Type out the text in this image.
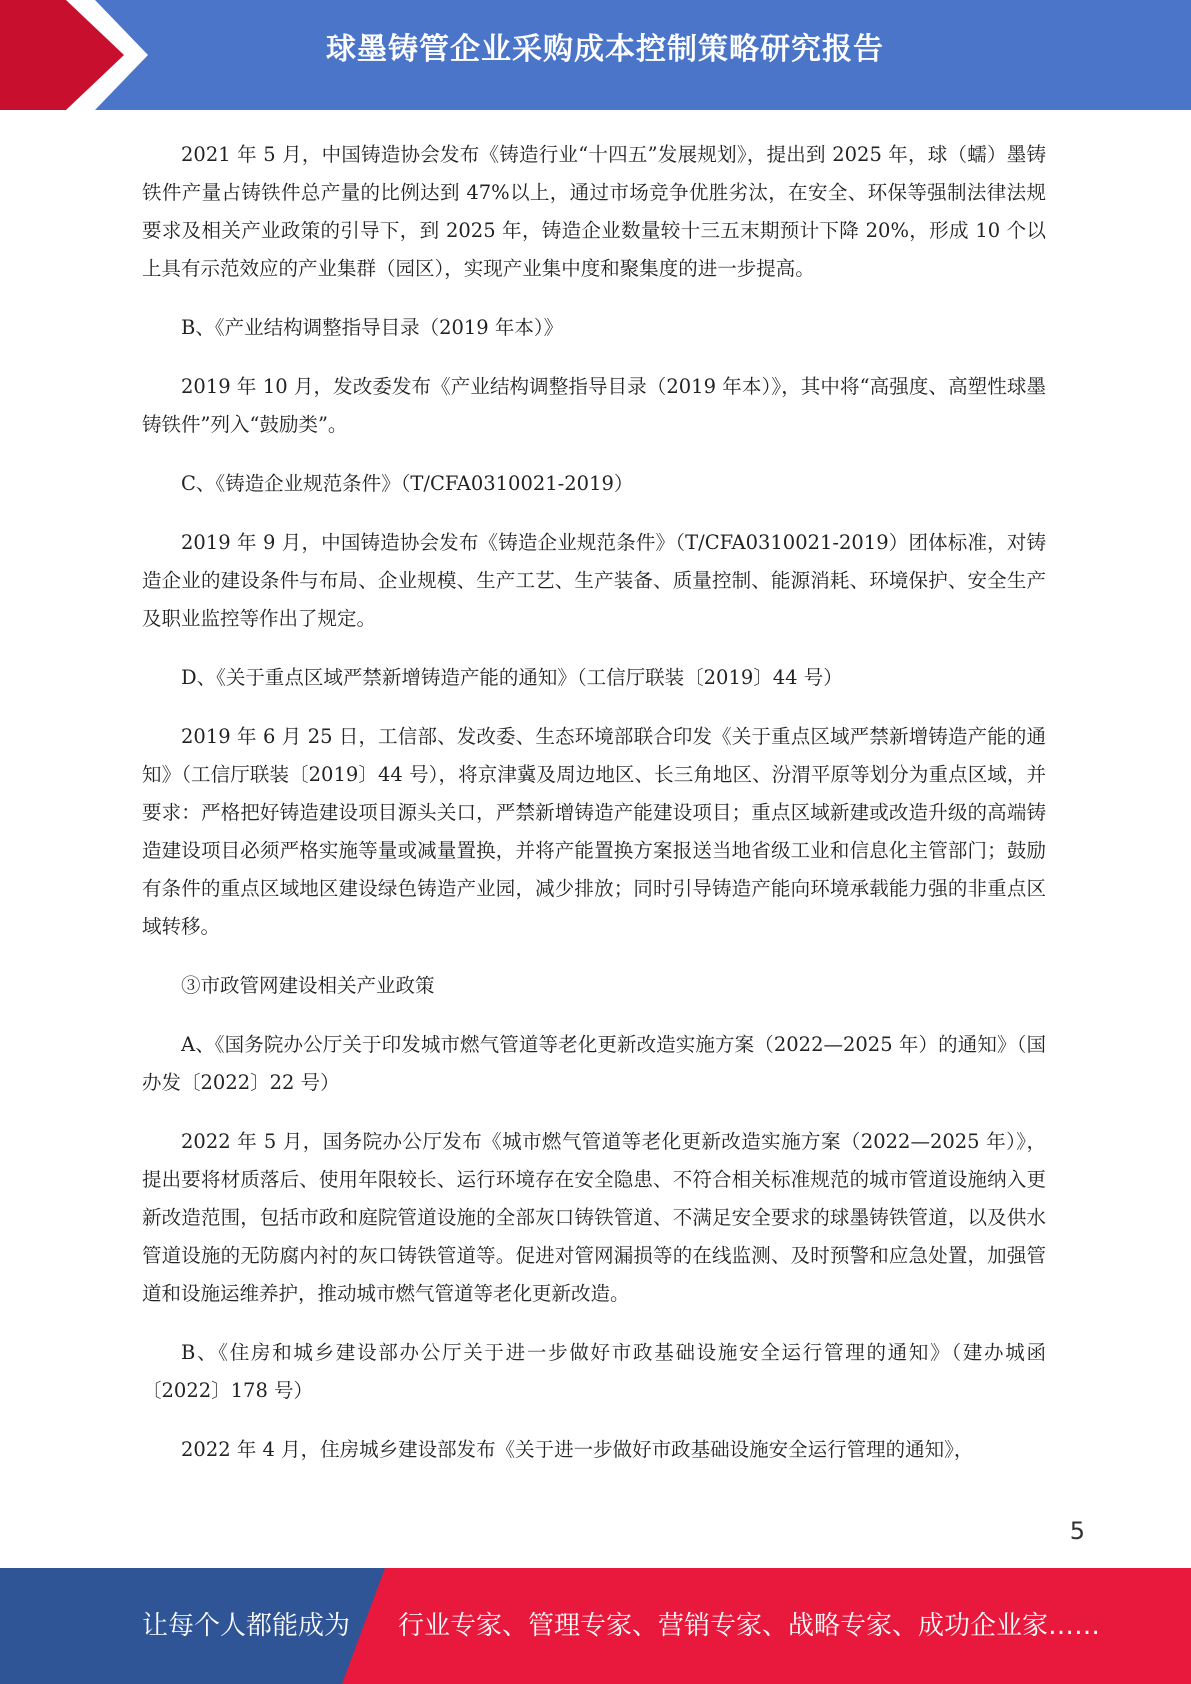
球墨铸管企业采购成本控制策略研究报告

2021 年 5 月，中国铸造协会发布《铸造行业“十四五”发展规划》，提出到 2025 年，球（蠕）墨铸铁件产量占铸铁件总产量的比例达到 47%以上，通过市场竞争优胜劣汰，在安全、环保等强制法律法规要求及相关产业政策的引导下，到 2025 年，铸造企业数量较十三五末期预计下降 20%，形成 10 个以上具有示范效应的产业集群（园区），实现产业集中度和聚集度的进一步提高。

B、《产业结构调整指导目录（2019 年本）》

2019 年 10 月，发改委发布《产业结构调整指导目录（2019 年本）》，其中将“高强度、高塑性球墨铸铁件”列入“鼓励类”。

C、《铸造企业规范条件》（T/CFA0310021-2019）

2019 年 9 月，中国铸造协会发布《铸造企业规范条件》（T/CFA0310021-2019）团体标准，对铸造企业的建设条件与布局、企业规模、生产工艺、生产装备、质量控制、能源消耗、环境保护、安全生产及职业监控等作出了规定。

D、《关于重点区域严禁新增铸造产能的通知》（工信厅联装〔2019〕44 号）

2019 年 6 月 25 日，工信部、发改委、生态环境部联合印发《关于重点区域严禁新增铸造产能的通知》（工信厅联装〔2019〕44 号），将京津冀及周边地区、长三角地区、汾渭平原等划分为重点区域，并要求：严格把好铸造建设项目源头关口，严禁新增铸造产能建设项目；重点区域新建或改造升级的高端铸造建设项目必须严格实施等量或减量置换，并将产能置换方案报送当地省级工业和信息化主管部门；鼓励有条件的重点区域地区建设绿色铸造产业园，减少排放；同时引导铸造产能向环境承载能力强的非重点区域转移。

③市政管网建设相关产业政策

A、《国务院办公厅关于印发城市燃气管道等老化更新改造实施方案（2022—2025 年）的通知》（国办发〔2022〕22 号）

2022 年 5 月，国务院办公厅发布《城市燃气管道等老化更新改造实施方案（2022—2025 年）》，提出要将材质落后、使用年限较长、运行环境存在安全隐患、不符合相关标准规范的城市管道设施纳入更新改造范围，包括市政和庭院管道设施的全部灰口铸铁管道、不满足安全要求的球墨铸铁管道，以及供水管道设施的无防腐内衬的灰口铸铁管道等。促进对管网漏损等的在线监测、及时预警和应急处置，加强管道和设施运维养护，推动城市燃气管道等老化更新改造。

B、《住房和城乡建设部办公厅关于进一步做好市政基础设施安全运行管理的通知》（建办城函〔2022〕178 号）

2022 年 4 月，住房城乡建设部发布《关于进一步做好市政基础设施安全运行管理的通知》，

5
让每个人都能成为 行业专家、管理专家、营销专家、战略专家、成功企业家……
